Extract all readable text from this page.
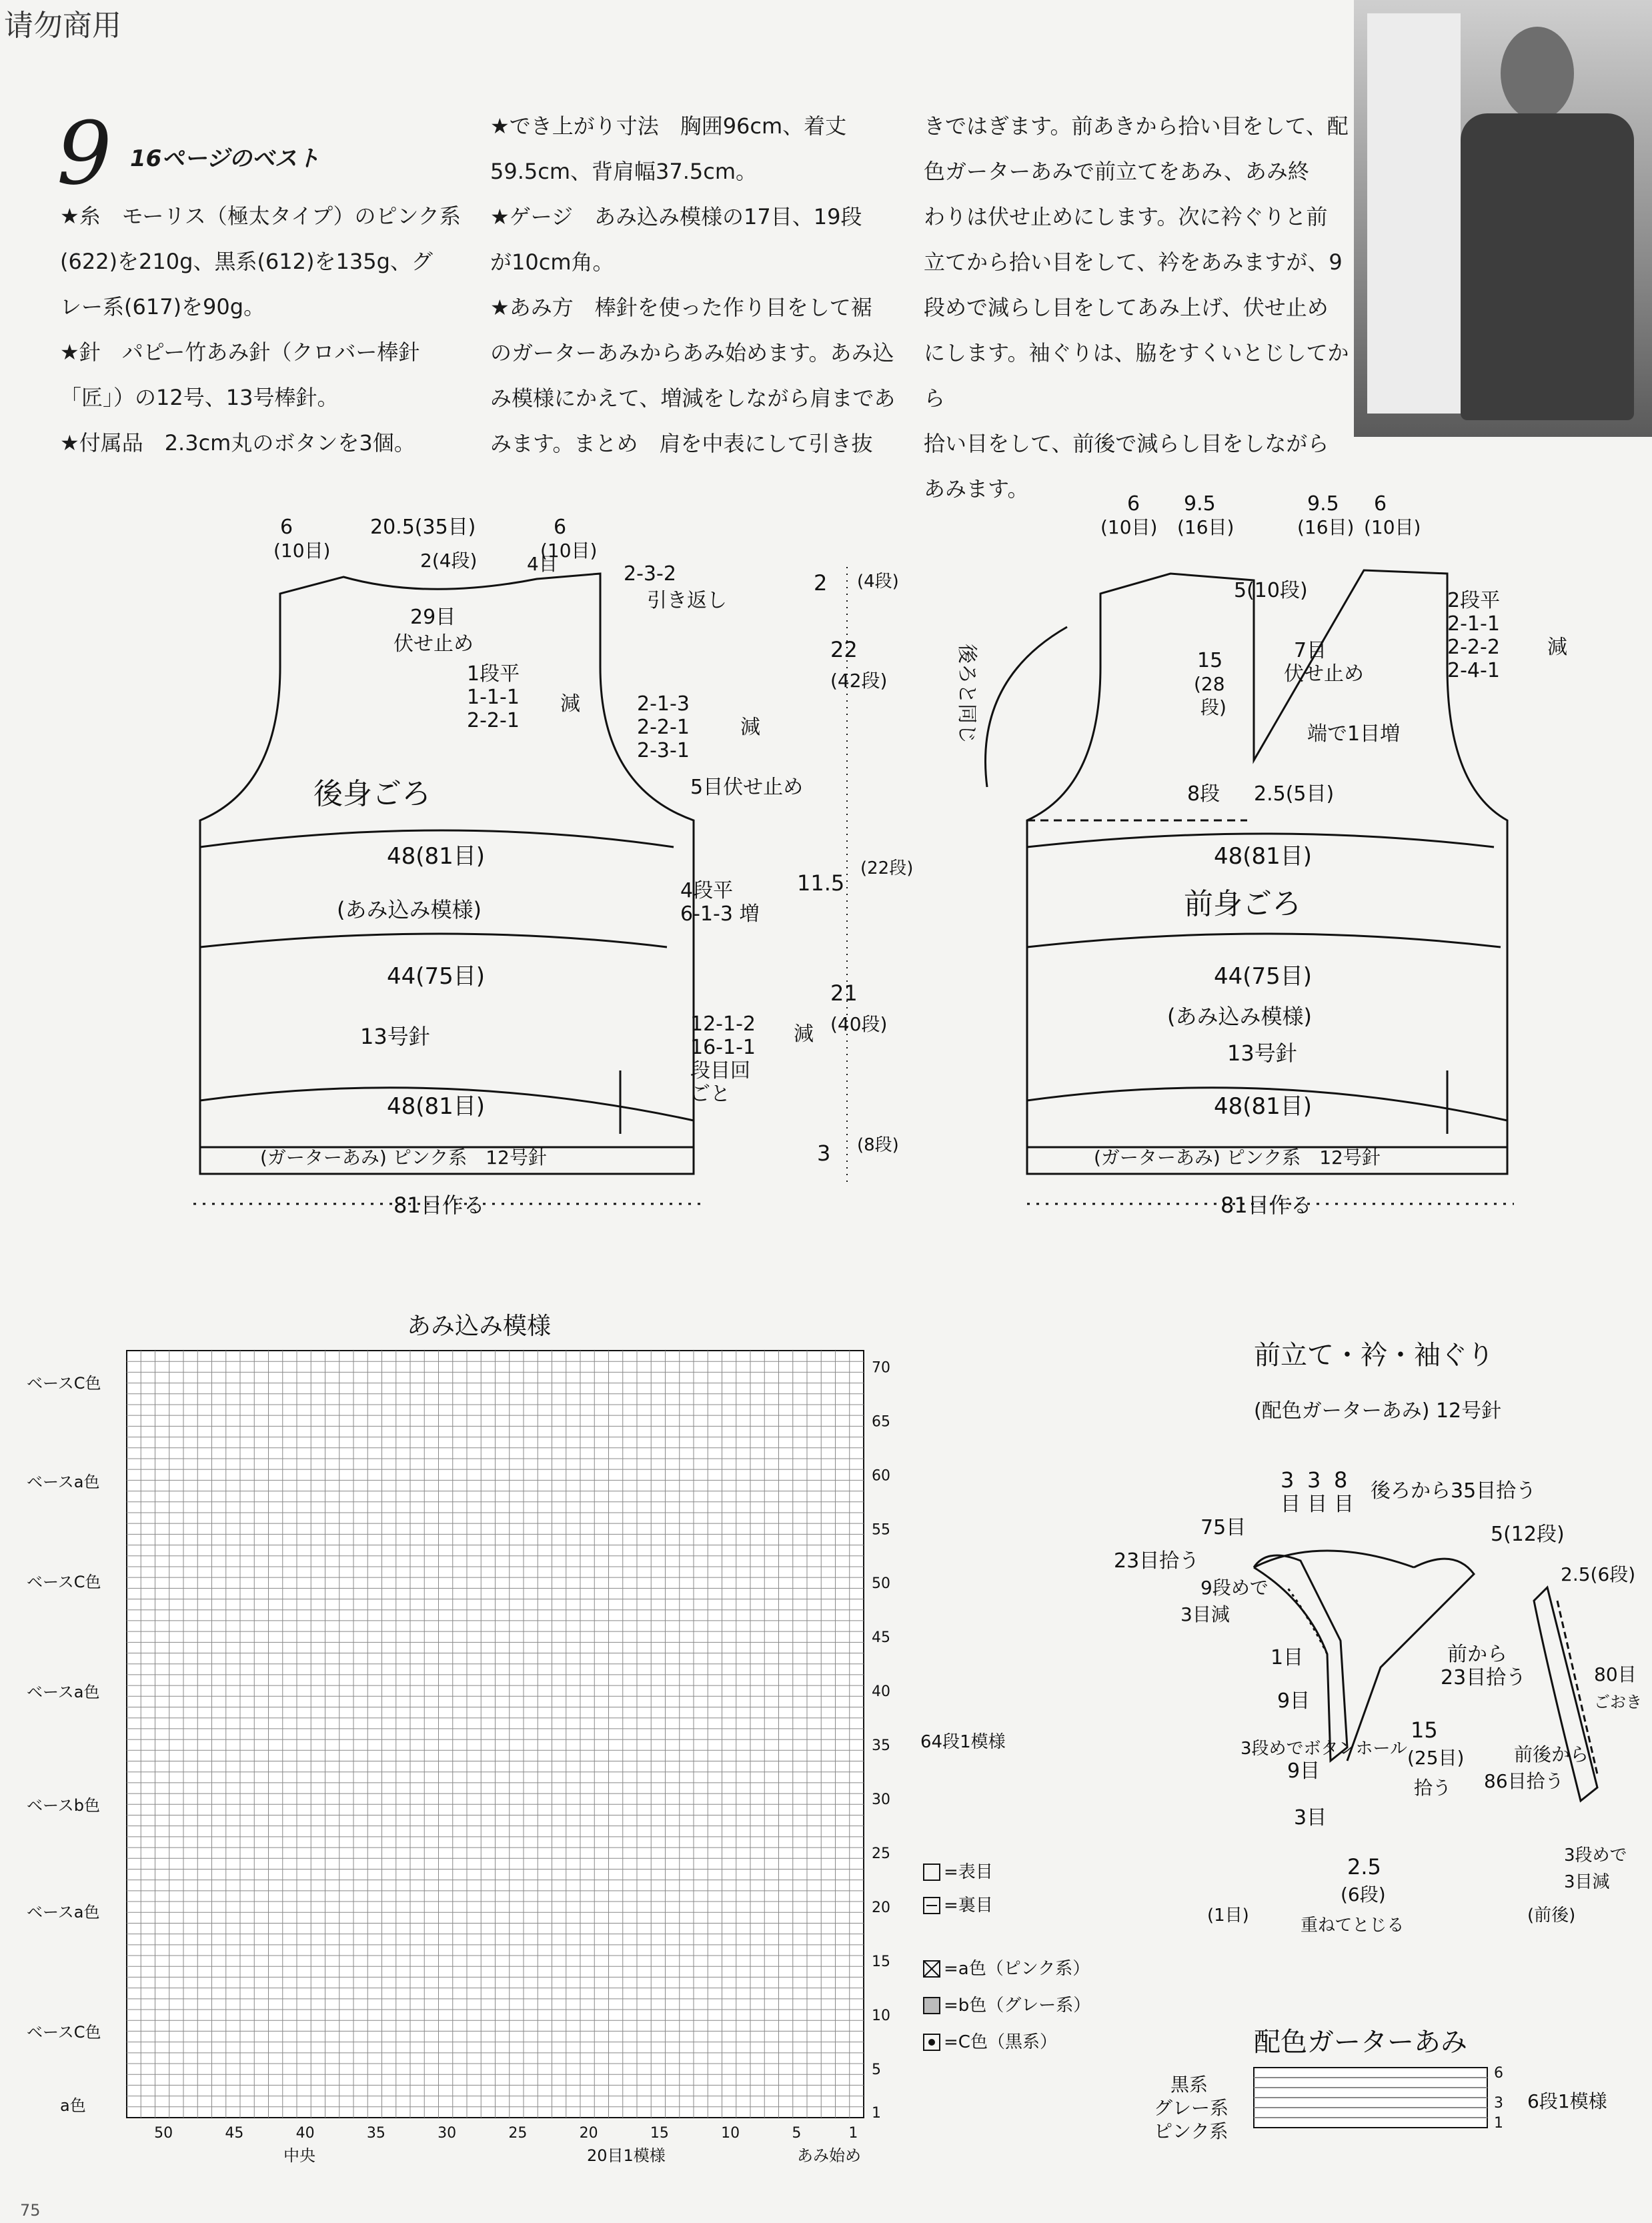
请勿商用
9 16ページのベスト
★糸　モーリス（極太タイプ）のピンク系
(622)を210g、黒系(612)を135g、グ
レー系(617)を90g。
★針　パピー竹あみ針（クロバー棒針
「匠」）の12号、13号棒針。
★付属品　2.3cm丸のボタンを3個。
★でき上がり寸法　胸囲96cm、着丈
59.5cm、背肩幅37.5cm。
★ゲージ　あみ込み模様の17目、19段
が10cm角。
★あみ方　棒針を使った作り目をして裾
のガーターあみからあみ始めます。あみ込
み模様にかえて、増減をしながら肩まであ
みます。まとめ　肩を中表にして引き抜
きではぎます。前あきから拾い目をして、配
色ガーターあみで前立てをあみ、あみ終
わりは伏せ止めにします。次に衿ぐりと前
立てから拾い目をして、衿をあみますが、9
段めで減らし目をしてあみ上げ、伏せ止め
にします。袖ぐりは、脇をすくいとじしてから
拾い目をして、前後で減らし目をしながら
あみます。
後身ごろ
6
(10目)
20.5(35目)	6
(10目)
2(4段)	4目	2-3-2
引き返し
29目
伏せ止め
1段平
1-1-1
2-2-1
減	2-1-3
2-2-1
2-3-1
減
5目伏せ止め
48(81目)
(あみ込み模様)
4段平
6-1-3 増
44(75目)
13号針	12-1-2
16-1-1
段目回
減
ごと
48(81目)
(ガーターあみ) ピンク系　12号針
81目作る
2 (4段)
22
(42段)
11.5
(22段)
21
(40段)
3 (8段)
前身ごろ
6
(10目)
9.5
(16目)
9.5
(16目)
6
(10目)
後ろと同じ
5(10段)	2段平
2-1-1
2-2-2
2-4-1
減
7目
伏せ止め
15
(28
段)
端で1目増
8段 2.5(5目)
48(81目)
44(75目)
(あみ込み模様)
13号針
48(81目)
(ガーターあみ) ピンク系　12号針
81目作る
あみ込み模様
ベースC色
ベースa色
ベースC色
ベースa色
ベースb色
ベースa色
ベースC色
a色
70
65
60
55
50
45
40
35
30
25
20
15
10
5
1
50	45	40	35	30	25	20	15	10	5	1
中央	20目1模様	あみ始め
64段1模様
=表目
=裏目
=a色（ピンク系）
=b色（グレー系）
=C色（黒系）
前立て・衿・袖ぐり
(配色ガーターあみ) 12号針
3 3 8
目 目 目
後ろから35目拾う
75目
23目拾う
5(12段)
2.5(6段)
9段めで
3目減
1目	前から
23目拾う	80目
ごおき
9目
9目
3目
15
(25目)
拾う 86目拾う
前後から
3段めでボタンホール
(1目)
2.5
(6段)
重ねてとじる
3段めで
3目減
(前後)
配色ガーターあみ
黒系
グレー系
ピンク系
6
3
1
6段1模様
75
